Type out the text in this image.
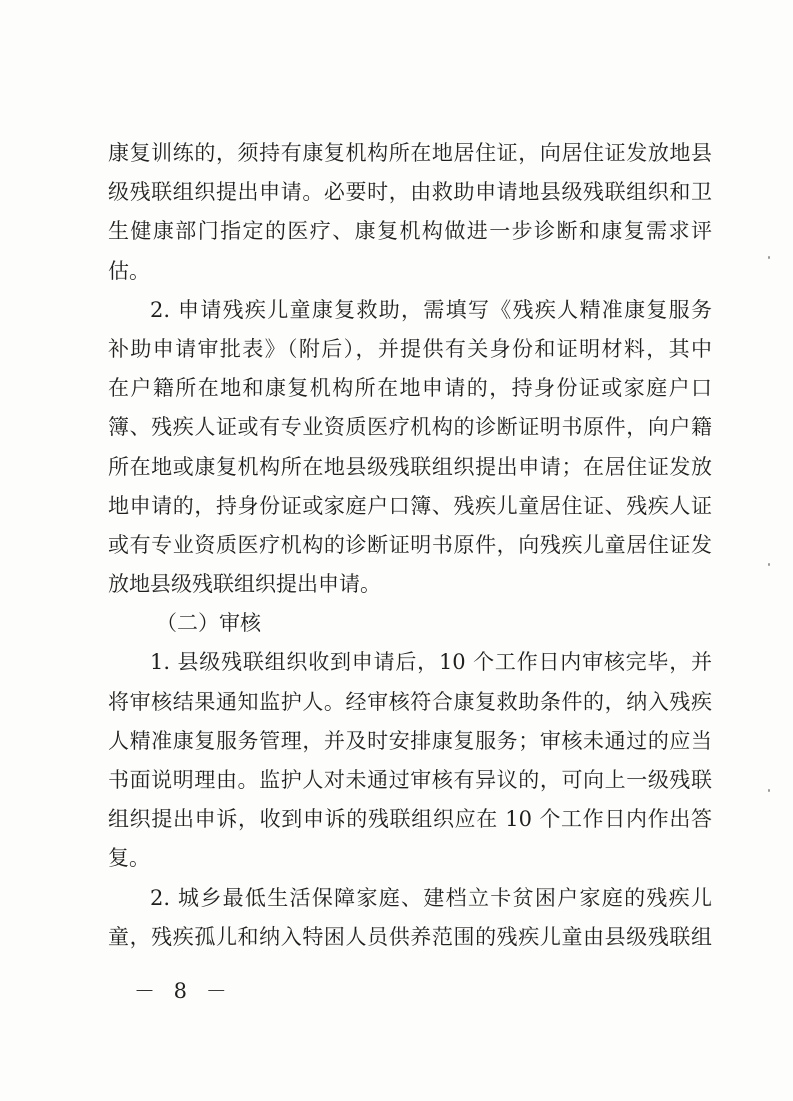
康复训练的，须持有康复机构所在地居住证，向居住证发放地县
级残联组织提出申请。必要时，由救助申请地县级残联组织和卫
生健康部门指定的医疗、康复机构做进一步诊断和康复需求评
估。
2. 申请残疾儿童康复救助，需填写《残疾人精准康复服务
补助申请审批表》（附后），并提供有关身份和证明材料，其中
在户籍所在地和康复机构所在地申请的，持身份证或家庭户口
簿、残疾人证或有专业资质医疗机构的诊断证明书原件，向户籍
所在地或康复机构所在地县级残联组织提出申请；在居住证发放
地申请的，持身份证或家庭户口簿、残疾儿童居住证、残疾人证
或有专业资质医疗机构的诊断证明书原件，向残疾儿童居住证发
放地县级残联组织提出申请。
（二）审核
1. 县级残联组织收到申请后，10 个工作日内审核完毕，并
将审核结果通知监护人。经审核符合康复救助条件的，纳入残疾
人精准康复服务管理，并及时安排康复服务；审核未通过的应当
书面说明理由。监护人对未通过审核有异议的，可向上一级残联
组织提出申诉，收到申诉的残联组织应在 10 个工作日内作出答
复。
2. 城乡最低生活保障家庭、建档立卡贫困户家庭的残疾儿
童，残疾孤儿和纳入特困人员供养范围的残疾儿童由县级残联组
－ 8 －
